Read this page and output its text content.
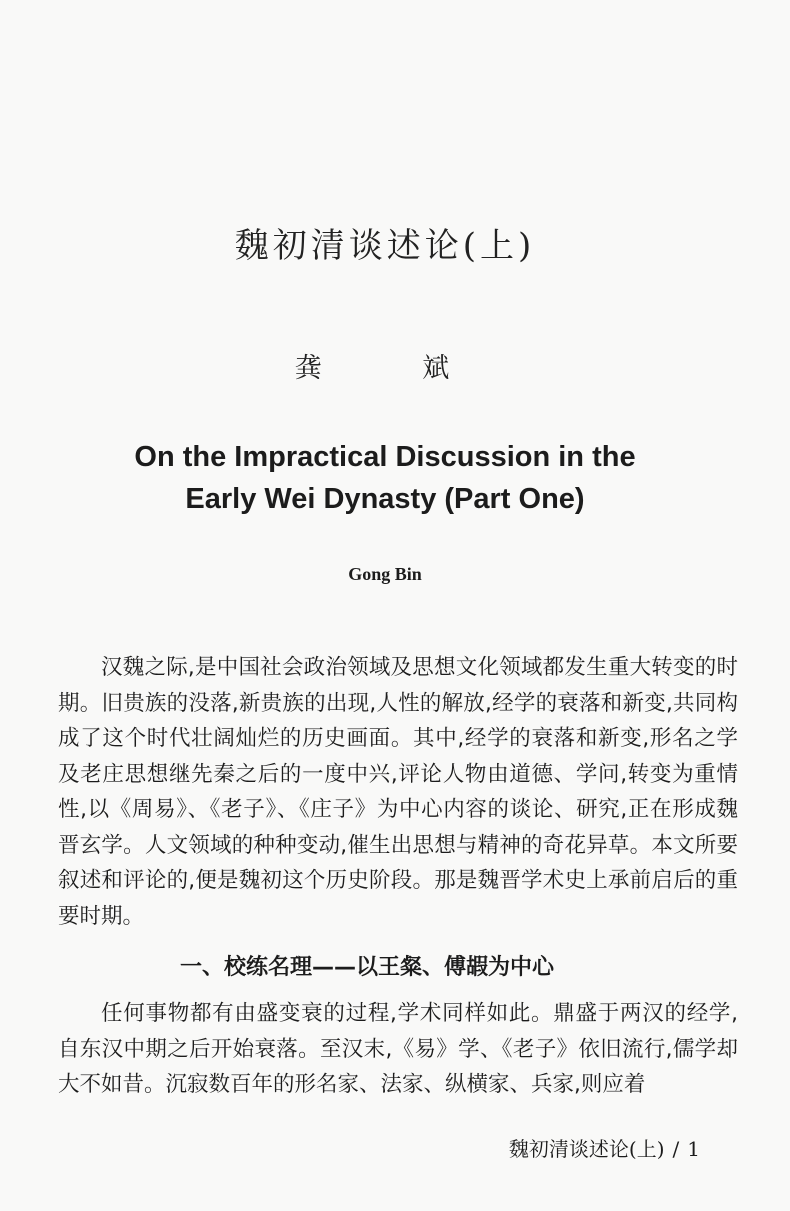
魏初清谈述论(上)
龚 斌
On the Impractical Discussion in the Early Wei Dynasty (Part One)
Gong Bin

汉魏之际,是中国社会政治领域及思想文化领域都发生重大转变的时期。旧贵族的没落,新贵族的出现,人性的解放,经学的衰落和新变,共同构成了这个时代壮阔灿烂的历史画面。其中,经学的衰落和新变,形名之学及老庄思想继先秦之后的一度中兴,评论人物由道德、学问,转变为重情性,以《周易》、《老子》、《庄子》为中心内容的谈论、研究,正在形成魏晋玄学。人文领域的种种变动,催生出思想与精神的奇花异草。本文所要叙述和评论的,便是魏初这个历史阶段。那是魏晋学术史上承前启后的重要时期。

一、校练名理——以王粲、傅嘏为中心

任何事物都有由盛变衰的过程,学术同样如此。鼎盛于两汉的经学,自东汉中期之后开始衰落。至汉末,《易》学、《老子》依旧流行,儒学却大不如昔。沉寂数百年的形名家、法家、纵横家、兵家,则应着

魏初清谈述论(上) / 1
